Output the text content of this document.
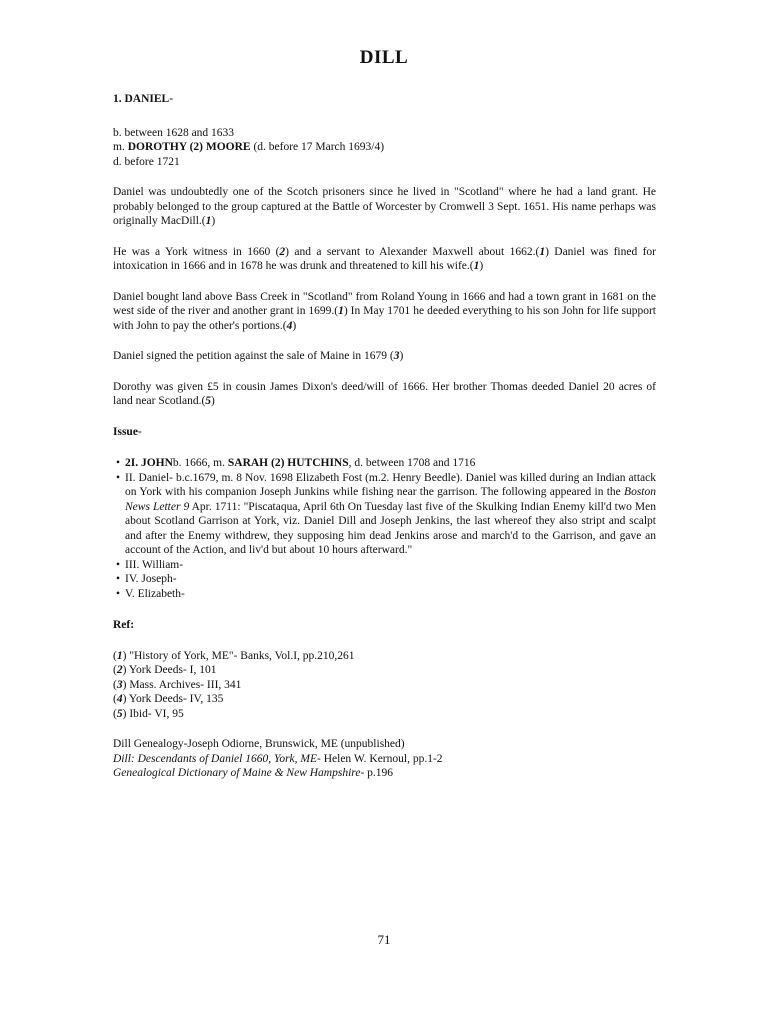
DILL
1. DANIEL-
b. between 1628 and 1633
m. DOROTHY (2) MOORE (d. before 17 March 1693/4)
d. before 1721
Daniel was undoubtedly one of the Scotch prisoners since he lived in "Scotland" where he had a land grant. He probably belonged to the group captured at the Battle of Worcester by Cromwell 3 Sept. 1651. His name perhaps was originally MacDill.(1)
He was a York witness in 1660 (2) and a servant to Alexander Maxwell about 1662.(1) Daniel was fined for intoxication in 1666 and in 1678 he was drunk and threatened to kill his wife.(1)
Daniel bought land above Bass Creek in "Scotland" from Roland Young in 1666 and had a town grant in 1681 on the west side of the river and another grant in 1699.(1) In May 1701 he deeded everything to his son John for life support with John to pay the other's portions.(4)
Daniel signed the petition against the sale of Maine in 1679 (3)
Dorothy was given £5 in cousin James Dixon's deed/will of 1666. Her brother Thomas deeded Daniel 20 acres of land near Scotland.(5)
Issue-
• 2I. JOHNb. 1666, m. SARAH (2) HUTCHINS, d. between 1708 and 1716
• II. Daniel- b.c.1679, m. 8 Nov. 1698 Elizabeth Fost (m.2. Henry Beedle). Daniel was killed during an Indian attack on York with his companion Joseph Junkins while fishing near the garrison. The following appeared in the Boston News Letter 9 Apr. 1711: "Piscataqua, April 6th On Tuesday last five of the Skulking Indian Enemy kill'd two Men about Scotland Garrison at York, viz. Daniel Dill and Joseph Jenkins, the last whereof they also stript and scalpt and after the Enemy withdrew, they supposing him dead Jenkins arose and march'd to the Garrison, and gave an account of the Action, and liv'd but about 10 hours afterward."
• III. William-
• IV. Joseph-
• V. Elizabeth-
Ref:
(1) "History of York, ME"- Banks, Vol.I, pp.210,261
(2) York Deeds- I, 101
(3) Mass. Archives- III, 341
(4) York Deeds- IV, 135
(5) Ibid- VI, 95
Dill Genealogy-Joseph Odiorne, Brunswick, ME (unpublished)
Dill: Descendants of Daniel 1660, York, ME- Helen W. Kernoul, pp.1-2
Genealogical Dictionary of Maine & New Hampshire- p.196
71
